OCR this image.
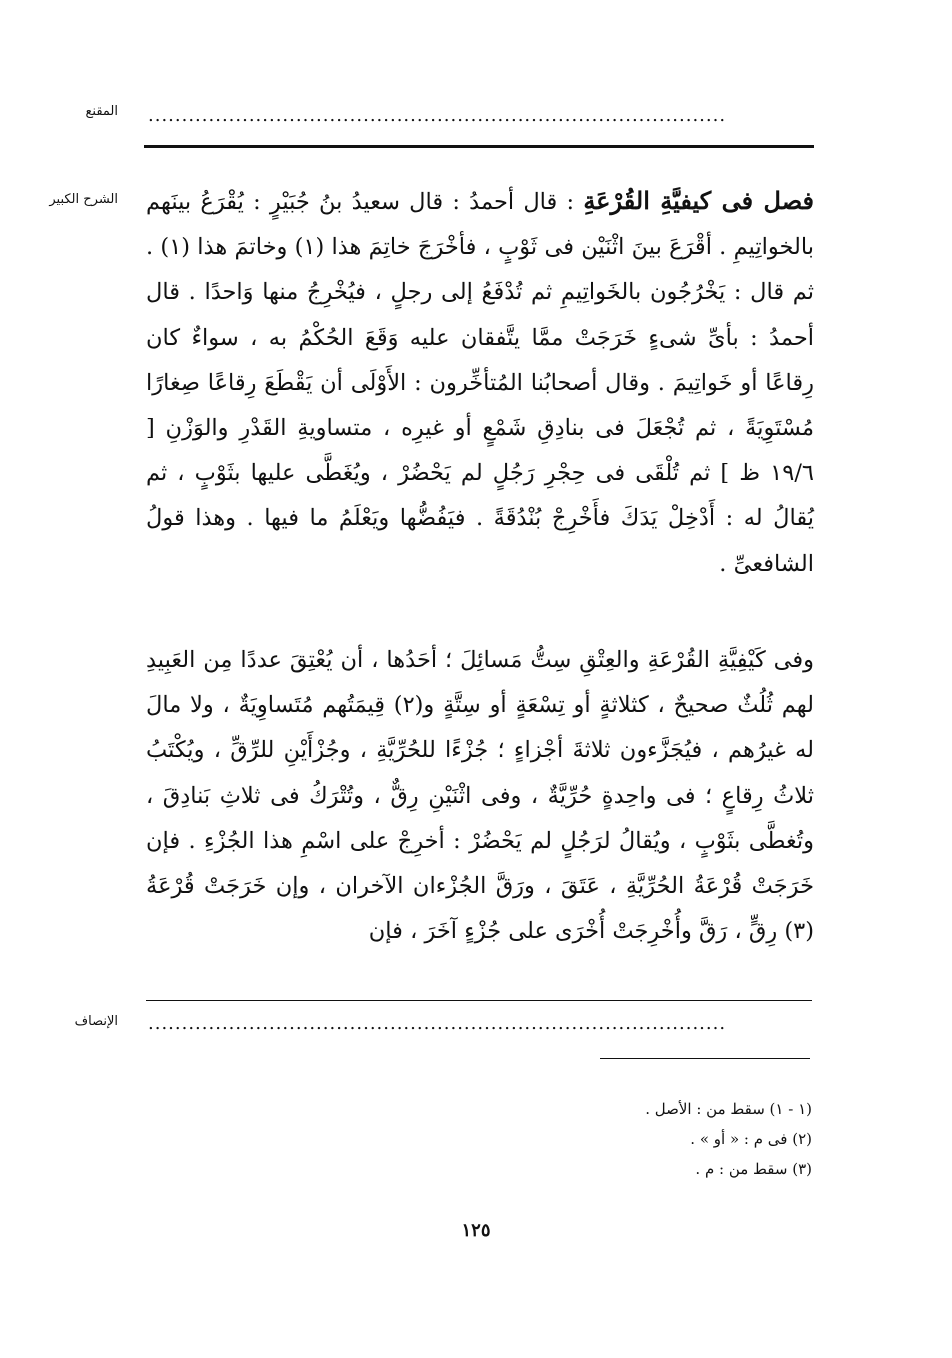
المقنع ......................................................................................
الشرح الكبير	فصل فى كيفيَّةِ القُرْعَةِ : قال أحمدُ : قال سعيدُ بنُ جُبَيْرٍ : يُقْرَعُ بينَهم بالخواتِيمِ . أقْرَعَ بينَ اثْنَيْن فى ثَوْبٍ ، فأخْرَجَ خاتِمَ هذا (١) وخاتمَ هذا (١) . ثم قال : يَخْرُجُون بالخَواتِيمِ ثم تُدْفَعُ إلى رجلٍ ، فيُخْرِجُ منها وَاحدًا . قال أحمدُ : بأىِّ شىءٍ خَرَجَتْ ممَّا يتَّفقان عليه وَقَعَ الحُكْمُ به ، سواءٌ كان رِقاعًا أو خَواتِيمَ . وقال أصحابُنا المُتأخِّرون : الأَوْلَى أن يَقْطَعَ رِقاعًا صِغارًا مُسْتَوِيَةً ، ثم تُجْعَلَ فى بنادِقِ شَمْعٍ أو غيرِه ، متساويةِ القَدْرِ والوَزْنِ [ ١٩/٦ ظ ] ثم تُلْقَى فى حِجْرِ رَجُلٍ لم يَحْضُرْ ، ويُغَطَّى عليها بثَوْبٍ ، ثم يُقالُ له : أَدْخِلْ يَدَكَ فأَخْرِجْ بُنْدُقَةً . فيَفُضُّها ويَعْلَمُ ما فيها . وهذا قولُ الشافعىِّ .

وفى كَيْفِيَّةِ القُرْعَةِ والعِتْقِ سِتُّ مَسائِلَ ؛ أحَدُها ، أن يُعْتِقَ عددًا مِن العَبِيدِ لهم ثُلُثٌ صحيحٌ ، كثلاثةٍ أو تِسْعَةٍ أو سِتَّةٍ و(٢) قِيمَتُهم مُتَساوِيَةٌ ، ولا مالَ له غيرُهم ، فيُجَزَّءون ثلاثةَ أجْزاءٍ ؛ جُزْءًا للحُرِّيَّةِ ، وجُزْأَيْنِ للرِّقِّ ، ويُكْتَبُ ثلاثُ رِقاعٍ ؛ فى واحِدةٍ حُرِّيَّةٌ ، وفى اثْنَيْنِ رِقٌّ ، وتُتْرَكُ فى ثلاثِ بَنادِقَ ، وتُغطَّى بثَوْبٍ ، ويُقالُ لرَجُلٍ لم يَحْضُرْ : أخرِجْ على اسْمِ هذا الجُزْءِ . فإن خَرَجَتْ قُرْعَةُ الحُرِّيَّةِ ، عَتَقَ ، ورَقَّ الجُزْءان الآخران ، وإن خَرَجَتْ قُرْعَةُ (٣) رِقٍّ ، رَقَّ وأُخْرِجَتْ أُخْرَى على جُزْءٍ آخَرَ ، فإن

الإنصاف ......................................................................................
(١ - ١) سقط من : الأصل .
(٢) فى م : « أو » .
(٣) سقط من : م .
١٢٥
